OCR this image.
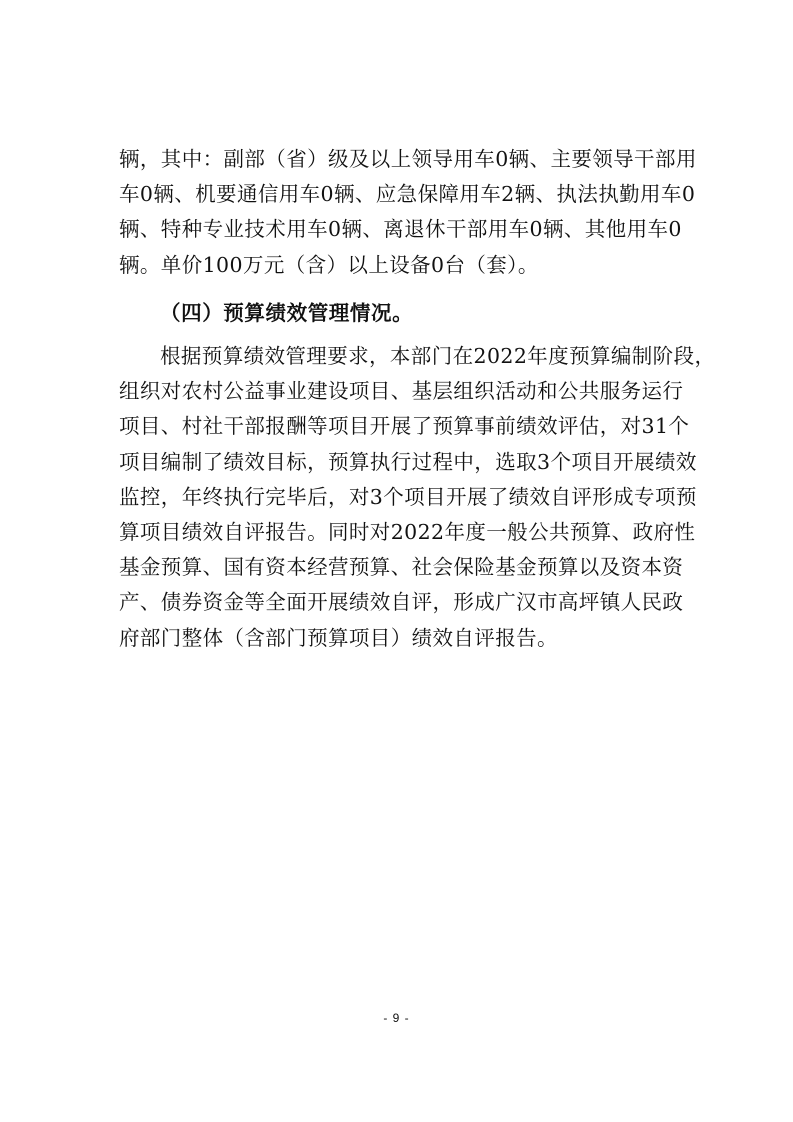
辆，其中：副部（省）级及以上领导用车0辆、主要领导干部用
车0辆、机要通信用车0辆、应急保障用车2辆、执法执勤用车0
辆、特种专业技术用车0辆、离退休干部用车0辆、其他用车0
辆。单价100万元（含）以上设备0台（套）。
（四）预算绩效管理情况。
根据预算绩效管理要求，本部门在2022年度预算编制阶段，
组织对农村公益事业建设项目、基层组织活动和公共服务运行
项目、村社干部报酬等项目开展了预算事前绩效评估，对31个
项目编制了绩效目标，预算执行过程中，选取3个项目开展绩效
监控，年终执行完毕后，对3个项目开展了绩效自评形成专项预
算项目绩效自评报告。同时对2022年度一般公共预算、政府性
基金预算、国有资本经营预算、社会保险基金预算以及资本资
产、债券资金等全面开展绩效自评，形成广汉市高坪镇人民政
府部门整体（含部门预算项目）绩效自评报告。
- 9 -
